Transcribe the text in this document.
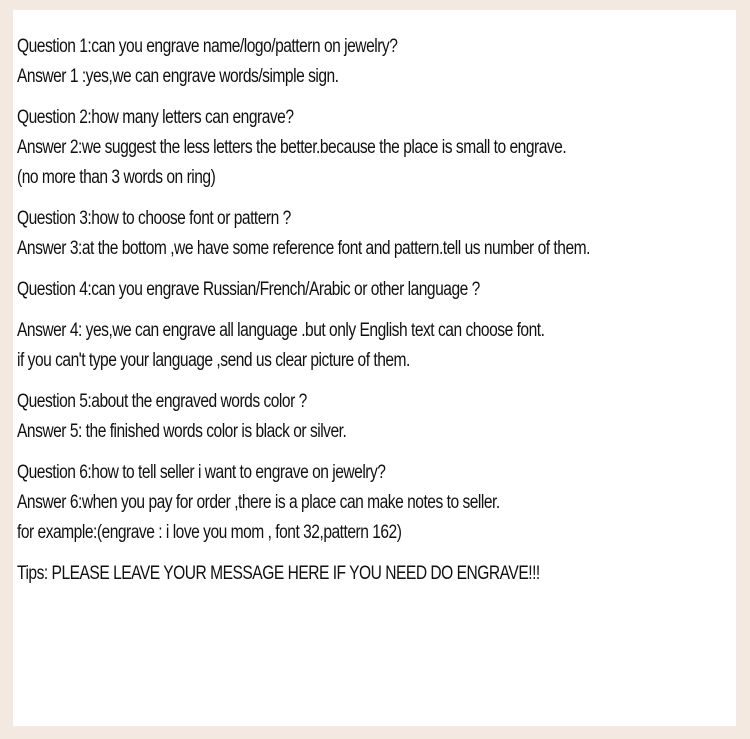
Question 1:can you engrave name/logo/pattern on jewelry?
Answer 1 :yes,we can engrave words/simple sign.
Question 2:how many letters can engrave?
Answer 2:we suggest the less letters the better.because the place is small to engrave.
(no more than 3 words on ring)
Question 3:how to choose font or pattern ?
Answer 3:at the bottom ,we have some reference font and pattern.tell us number of them.
Question 4:can you engrave Russian/French/Arabic or other language ?
Answer 4: yes,we can engrave all language .but only English text can choose font.
if you can't type your language ,send us clear picture of them.
Question 5:about the engraved words color ?
Answer 5: the finished words color is black or silver.
Question 6:how to tell seller i want to engrave on jewelry?
Answer 6:when you pay for order ,there is a place can make notes to seller.
for example:(engrave : i love you mom , font 32,pattern 162)
Tips: PLEASE LEAVE YOUR MESSAGE HERE IF YOU NEED DO ENGRAVE!!!
